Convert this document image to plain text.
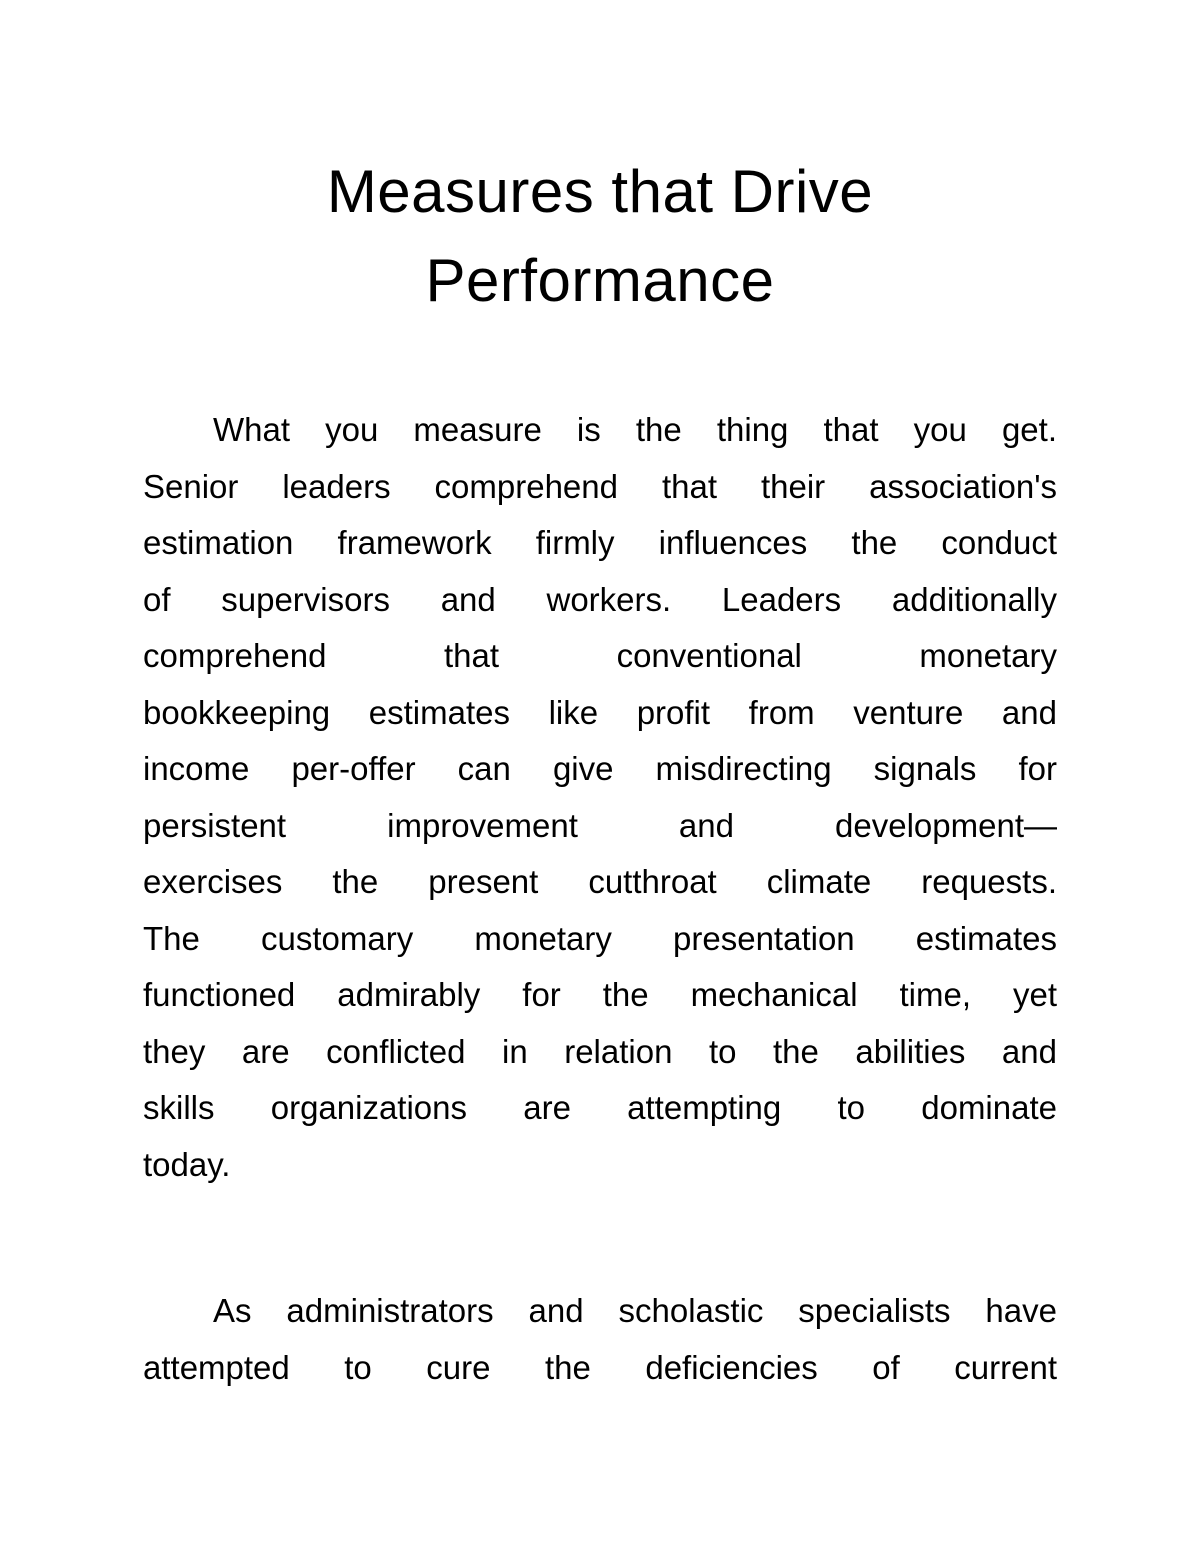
Measures that Drive
Performance
What you measure is the thing that you get.
Senior leaders comprehend that their association's
estimation framework firmly influences the conduct
of supervisors and workers. Leaders additionally
comprehend that conventional monetary
bookkeeping estimates like profit from venture and
income per-offer can give misdirecting signals for
persistent improvement and development—
exercises the present cutthroat climate requests.
The customary monetary presentation estimates
functioned admirably for the mechanical time, yet
they are conflicted in relation to the abilities and
skills organizations are attempting to dominate
today.
As administrators and scholastic specialists have
attempted to cure the deficiencies of current
